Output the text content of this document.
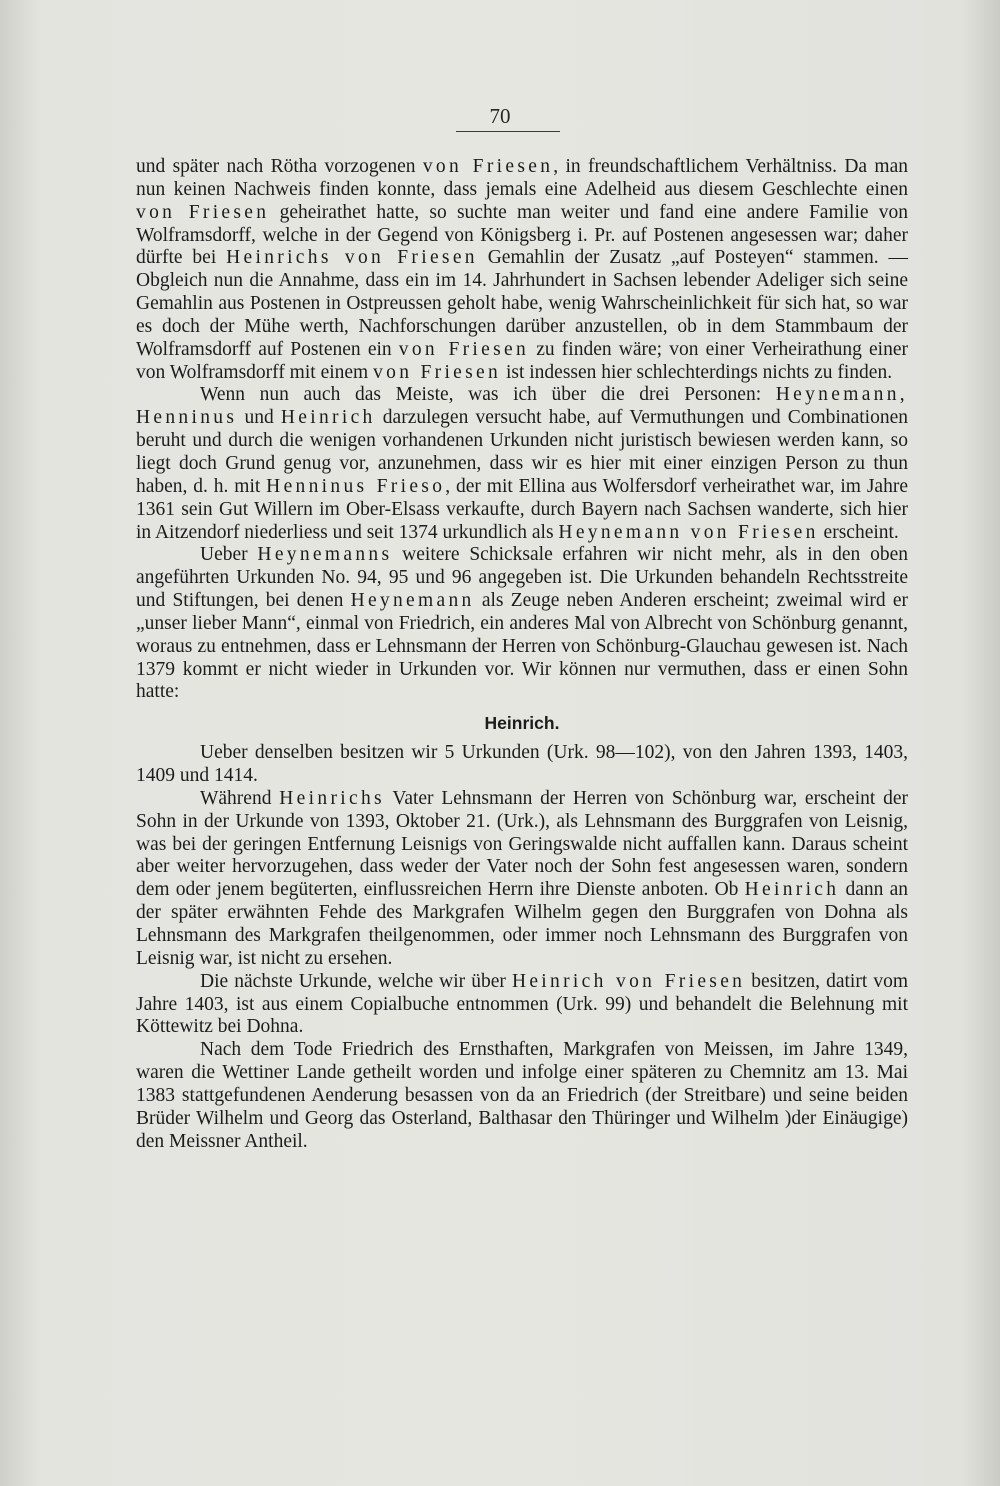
70

und später nach Rötha vorzogenen von Friesen, in freundschaftlichem Verhältniss. Da man nun keinen Nachweis finden konnte, dass jemals eine Adelheid aus diesem Geschlechte einen von Friesen geheirathet hatte, so suchte man weiter und fand eine andere Familie von Wolframsdorff, welche in der Gegend von Königsberg i. Pr. auf Postenen angesessen war; daher dürfte bei Heinrichs von Friesen Gemahlin der Zusatz „auf Posteyen“ stammen. — Obgleich nun die Annahme, dass ein im 14. Jahrhundert in Sachsen lebender Adeliger sich seine Gemahlin aus Postenen in Ostpreussen geholt habe, wenig Wahrscheinlichkeit für sich hat, so war es doch der Mühe werth, Nachforschungen darüber anzustellen, ob in dem Stammbaum der Wolframsdorff auf Postenen ein von Friesen zu finden wäre; von einer Verheirathung einer von Wolframsdorff mit einem von Friesen ist indessen hier schlechterdings nichts zu finden.

Wenn nun auch das Meiste, was ich über die drei Personen: Heynemann, Henninus und Heinrich darzulegen versucht habe, auf Vermuthungen und Combinationen beruht und durch die wenigen vorhandenen Urkunden nicht juristisch bewiesen werden kann, so liegt doch Grund genug vor, anzunehmen, dass wir es hier mit einer einzigen Person zu thun haben, d. h. mit Henninus Frieso, der mit Ellina aus Wolfersdorf verheirathet war, im Jahre 1361 sein Gut Willern im Ober-Elsass verkaufte, durch Bayern nach Sachsen wanderte, sich hier in Aitzendorf niederliess und seit 1374 urkundlich als Heynemann von Friesen erscheint.

Ueber Heynemanns weitere Schicksale erfahren wir nicht mehr, als in den oben angeführten Urkunden No. 94, 95 und 96 angegeben ist. Die Urkunden behandeln Rechtsstreite und Stiftungen, bei denen Heynemann als Zeuge neben Anderen erscheint; zweimal wird er „unser lieber Mann“, einmal von Friedrich, ein anderes Mal von Albrecht von Schönburg genannt, woraus zu entnehmen, dass er Lehnsmann der Herren von Schönburg-Glauchau gewesen ist. Nach 1379 kommt er nicht wieder in Urkunden vor. Wir können nur vermuthen, dass er einen Sohn hatte:

Heinrich.

Ueber denselben besitzen wir 5 Urkunden (Urk. 98—102), von den Jahren 1393, 1403, 1409 und 1414.

Während Heinrichs Vater Lehnsmann der Herren von Schönburg war, erscheint der Sohn in der Urkunde von 1393, Oktober 21. (Urk.), als Lehnsmann des Burggrafen von Leisnig, was bei der geringen Entfernung Leisnigs von Geringswalde nicht auffallen kann. Daraus scheint aber weiter hervorzugehen, dass weder der Vater noch der Sohn fest angesessen waren, sondern dem oder jenem begüterten, einflussreichen Herrn ihre Dienste anboten. Ob Heinrich dann an der später erwähnten Fehde des Markgrafen Wilhelm gegen den Burggrafen von Dohna als Lehnsmann des Markgrafen theilgenommen, oder immer noch Lehnsmann des Burggrafen von Leisnig war, ist nicht zu ersehen.

Die nächste Urkunde, welche wir über Heinrich von Friesen besitzen, datirt vom Jahre 1403, ist aus einem Copialbuche entnommen (Urk. 99) und behandelt die Belehnung mit Köttewitz bei Dohna.

Nach dem Tode Friedrich des Ernsthaften, Markgrafen von Meissen, im Jahre 1349, waren die Wettiner Lande getheilt worden und infolge einer späteren zu Chemnitz am 13. Mai 1383 stattgefundenen Aenderung besassen von da an Friedrich (der Streitbare) und seine beiden Brüder Wilhelm und Georg das Osterland, Balthasar den Thüringer und Wilhelm )der Einäugige) den Meissner Antheil.
